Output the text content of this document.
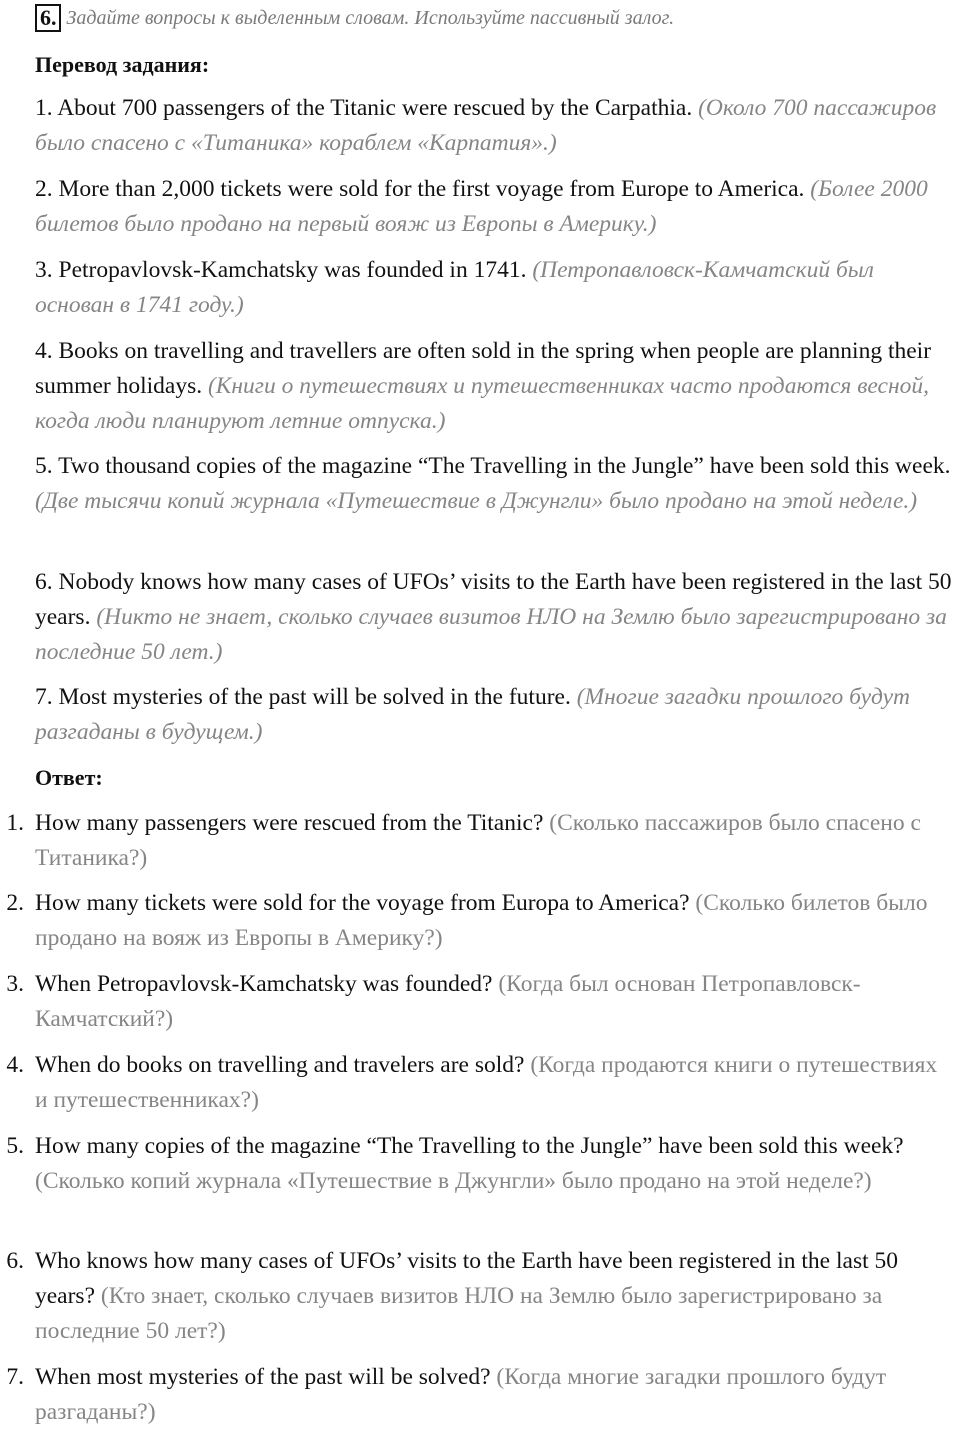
6. Задайте вопросы к выделенным словам. Используйте пассивный залог.
Перевод задания:
1. About 700 passengers of the Titanic were rescued by the Carpathia. (Около 700 пассажиров было спасено с «Титаника» кораблем «Карпатия».)
2. More than 2,000 tickets were sold for the first voyage from Europe to America. (Более 2000 билетов было продано на первый вояж из Европы в Америку.)
3. Petropavlovsk-Kamchatsky was founded in 1741. (Петропавловск-Камчатский был основан в 1741 году.)
4. Books on travelling and travellers are often sold in the spring when people are planning their summer holidays. (Книги о путешествиях и путешественниках часто продаются весной, когда люди планируют летние отпуска.)
5. Two thousand copies of the magazine “The Travelling in the Jungle” have been sold this week. (Две тысячи копий журнала «Путешествие в Джунгли» было продано на этой неделе.)
6. Nobody knows how many cases of UFOs’ visits to the Earth have been registered in the last 50 years. (Никто не знает, сколько случаев визитов НЛО на Землю было зарегистрировано за последние 50 лет.)
7. Most mysteries of the past will be solved in the future. (Многие загадки прошлого будут разгаданы в будущем.)
Ответ:
1. How many passengers were rescued from the Titanic? (Сколько пассажиров было спасено с Титаника?)
2. How many tickets were sold for the voyage from Europa to America? (Сколько билетов было продано на вояж из Европы в Америку?)
3. When Petropavlovsk-Kamchatsky was founded? (Когда был основан Петропавловск-Камчатский?)
4. When do books on travelling and travelers are sold? (Когда продаются книги о путешествиях и путешественниках?)
5. How many copies of the magazine “The Travelling to the Jungle” have been sold this week? (Сколько копий журнала «Путешествие в Джунгли» было продано на этой неделе?)
6. Who knows how many cases of UFOs’ visits to the Earth have been registered in the last 50 years? (Кто знает, сколько случаев визитов НЛО на Землю было зарегистрировано за последние 50 лет?)
7. When most mysteries of the past will be solved? (Когда многие загадки прошлого будут разгаданы?)
